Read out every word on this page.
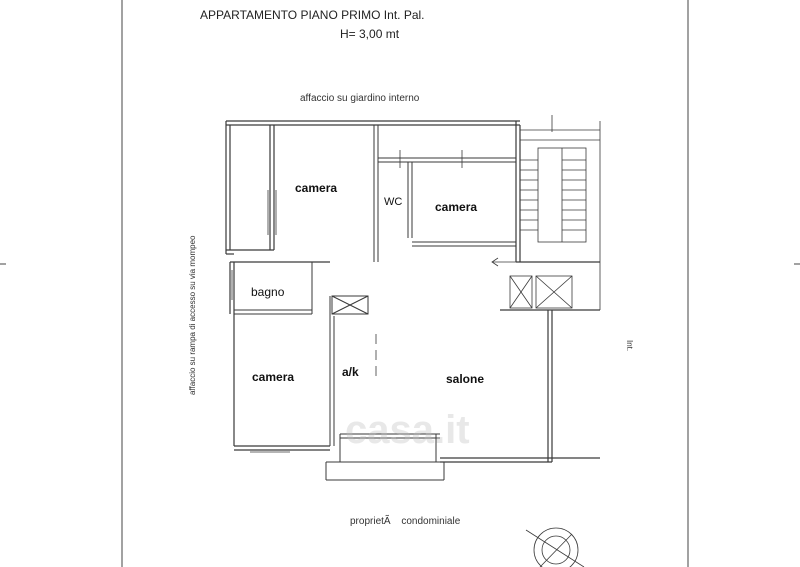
APPARTAMENTO PIANO PRIMO Int. Pal.
H= 3,00 mt
affaccio su giardino interno
affaccio su rampa di accesso su via mompeo	Int.
proprietÃ condominiale
camera
WC	camera
bagno
camera	a/k	salone
casa.it
